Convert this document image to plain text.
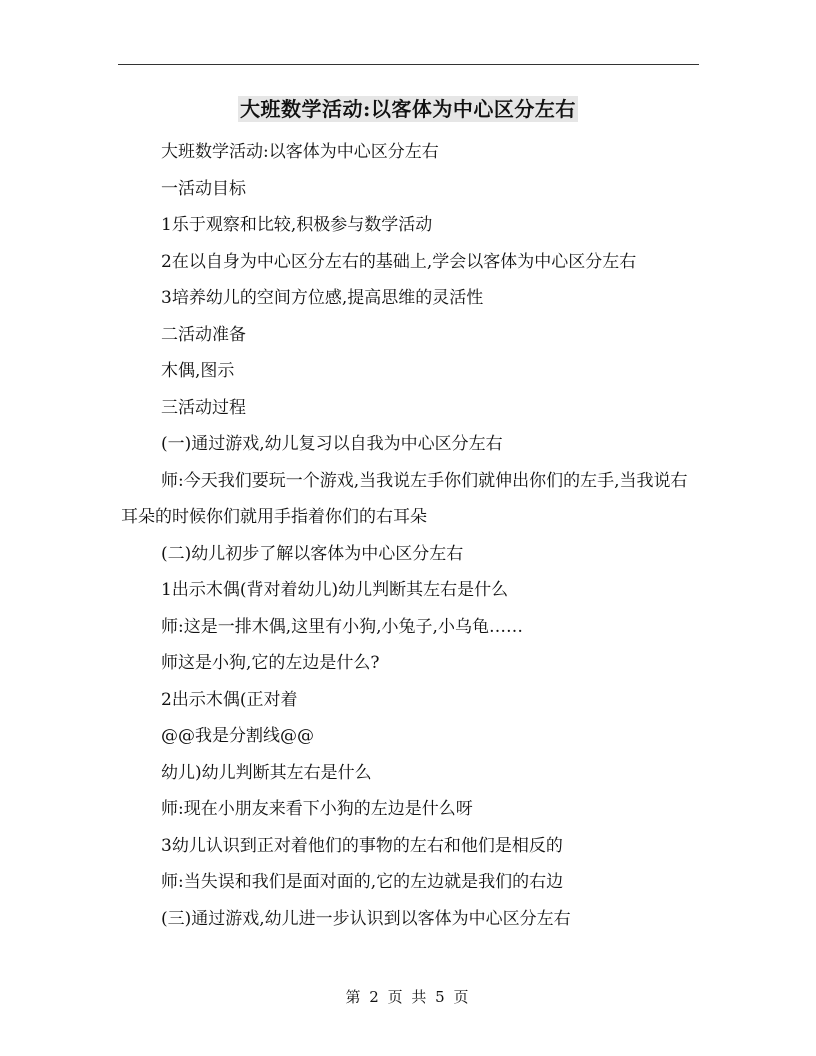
大班数学活动:以客体为中心区分左右

大班数学活动:以客体为中心区分左右

一活动目标

1乐于观察和比较,积极参与数学活动

2在以自身为中心区分左右的基础上,学会以客体为中心区分左右

3培养幼儿的空间方位感,提高思维的灵活性

二活动准备

木偶,图示

三活动过程

(一)通过游戏,幼儿复习以自我为中心区分左右

师:今天我们要玩一个游戏,当我说左手你们就伸出你们的左手,当我说右耳朵的时候你们就用手指着你们的右耳朵

(二)幼儿初步了解以客体为中心区分左右

1出示木偶(背对着幼儿)幼儿判断其左右是什么

师:这是一排木偶,这里有小狗,小兔子,小乌龟……

师这是小狗,它的左边是什么?

2出示木偶(正对着

@@我是分割线@@

幼儿)幼儿判断其左右是什么

师:现在小朋友来看下小狗的左边是什么呀

3幼儿认识到正对着他们的事物的左右和他们是相反的

师:当失误和我们是面对面的,它的左边就是我们的右边

(三)通过游戏,幼儿进一步认识到以客体为中心区分左右

第 2 页 共 5 页
